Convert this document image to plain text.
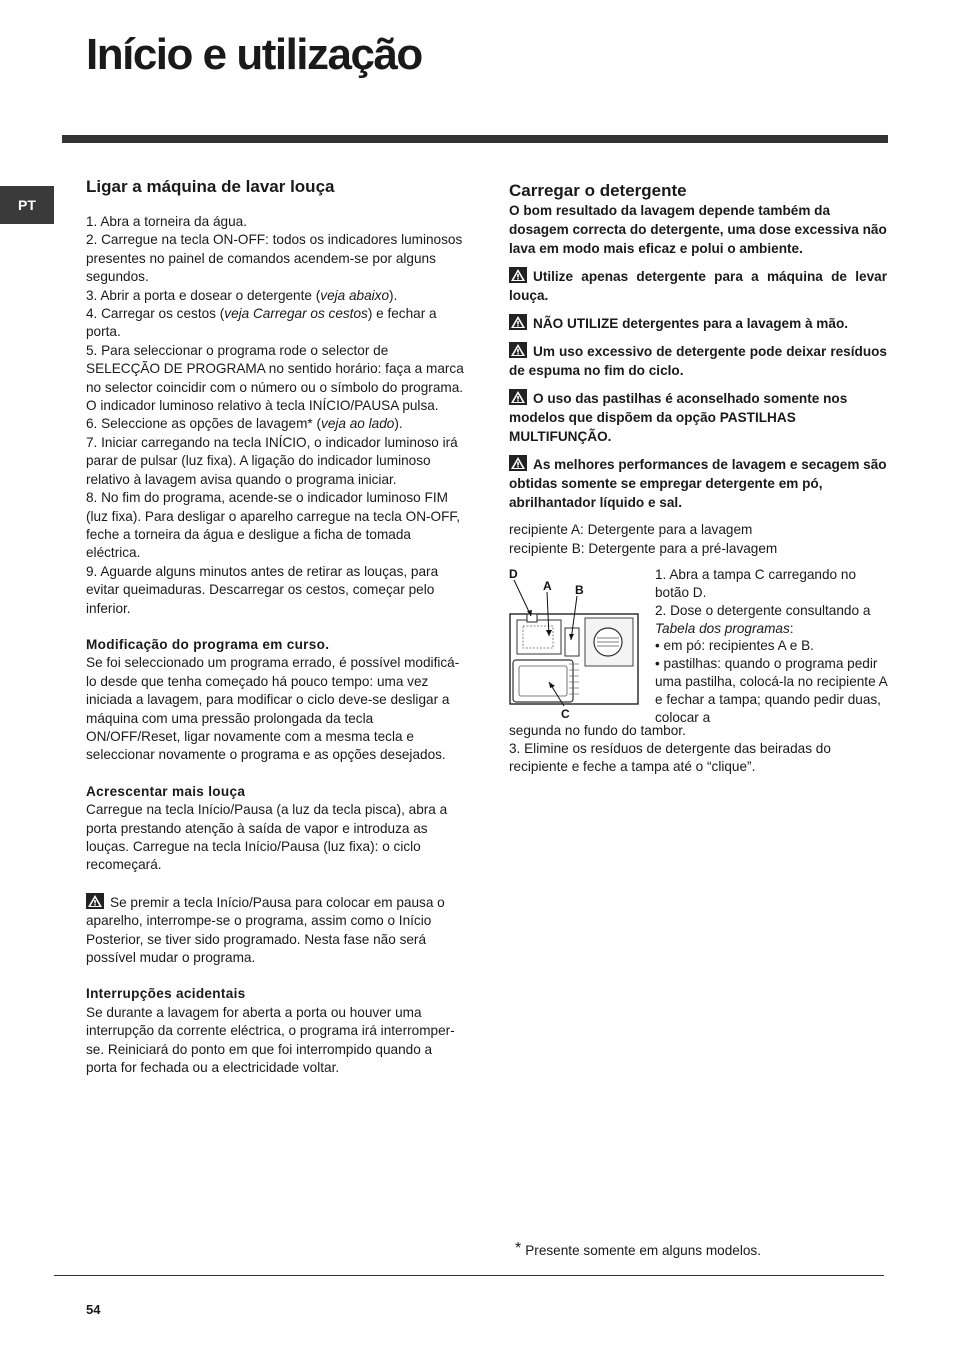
Início e utilização
PT
Ligar a máquina de lavar louça

1. Abra a torneira da água.

2. Carregue na tecla ON-OFF: todos os indicadores luminosos presentes no painel de comandos acendem-se por alguns segundos.

3. Abrir a porta e dosear o detergente (veja abaixo).

4. Carregar os cestos (veja Carregar os cestos) e fechar a porta.

5. Para seleccionar o programa rode o selector de SELECÇÃO DE PROGRAMA no sentido horário: faça a marca no selector coincidir com o número ou o símbolo do programa. O indicador luminoso relativo à tecla INÍCIO/PAUSA pulsa.

6. Seleccione as opções de lavagem* (veja ao lado).

7. Iniciar carregando na tecla INÍCIO, o indicador luminoso irá parar de pulsar (luz fixa). A ligação do indicador luminoso relativo à lavagem avisa quando o programa iniciar.

8. No fim do programa, acende-se o indicador luminoso FIM (luz fixa). Para desligar o aparelho carregue na tecla ON-OFF, feche a torneira da água e desligue a ficha de tomada eléctrica.

9. Aguarde alguns minutos antes de retirar as louças, para evitar queimaduras. Descarregar os cestos, começar pelo inferior.

Modificação do programa em curso.

Se foi seleccionado um programa errado, é possível modificá-lo desde que tenha começado há pouco tempo: uma vez iniciada a lavagem, para modificar o ciclo deve-se desligar a máquina com uma pressão prolongada da tecla ON/OFF/Reset, ligar novamente com a mesma tecla e seleccionar novamente o programa e as opções desejados.

Acrescentar mais louça

Carregue na tecla Início/Pausa (a luz da tecla pisca), abra a porta prestando atenção à saída de vapor e introduza as louças. Carregue na tecla Início/Pausa (luz fixa): o ciclo recomeçará.

Se premir a tecla Início/Pausa para colocar em pausa o aparelho, interrompe-se o programa, assim como o Início Posterior, se tiver sido programado. Nesta fase não será possível mudar o programa.

Interrupções acidentais

Se durante a lavagem for aberta a porta ou houver uma interrupção da corrente eléctrica, o programa irá interromper-se. Reiniciará do ponto em que foi interrompido quando a porta for fechada ou a electricidade voltar.

Carregar o detergente

O bom resultado da lavagem depende também da dosagem correcta do detergente, uma dose excessiva não lava em modo mais eficaz e polui o ambiente.

Utilize apenas detergente para a máquina de levar louça.

NÃO UTILIZE detergentes para a lavagem à mão.

Um uso excessivo de detergente pode deixar resíduos de espuma no fim do ciclo.

O uso das pastilhas é aconselhado somente nos modelos que dispõem da opção PASTILHAS MULTIFUNÇÃO.

As melhores performances de lavagem e secagem são obtidas somente se empregar detergente em pó, abrilhantador líquido e sal.

recipiente A: Detergente para a lavagem

recipiente B: Detergente para a pré-lavagem

D
A B
C

1. Abra a tampa C carregando no botão D.

2. Dose o detergente consultando a Tabela dos programas:

• em pó: recipientes A e B.

• pastilhas: quando o programa pedir uma pastilha, colocá-la no recipiente A e fechar a tampa; quando pedir duas, colocar a

segunda no fundo do tambor.

3. Elimine os resíduos de detergente das beiradas do recipiente e feche a tampa até o “clique”.

* Presente somente em alguns modelos.
54
